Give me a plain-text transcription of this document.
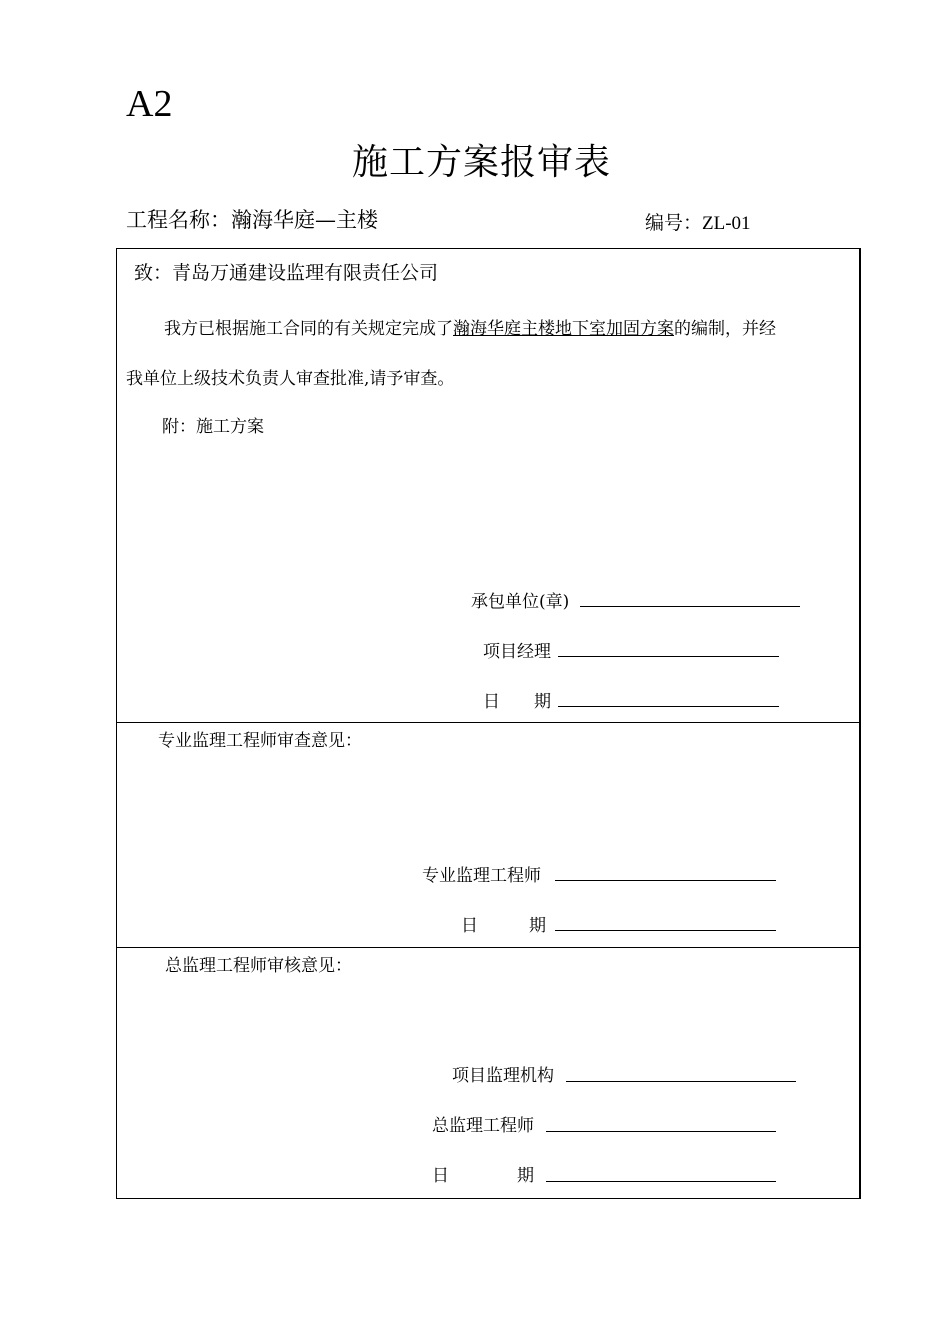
A2
施工方案报审表
工程名称：瀚海华庭—主楼	编号：ZL-01
致：青岛万通建设监理有限责任公司
我方已根据施工合同的有关规定完成了瀚海华庭主楼地下室加固方案的编制，并经
我单位上级技术负责人审查批准,请予审查。
附：施工方案
承包单位(章)
项目经理
日　　期
专业监理工程师审查意见：
专业监理工程师
日　　　期
总监理工程师审核意见：
项目监理机构
总监理工程师
日　　　　期
